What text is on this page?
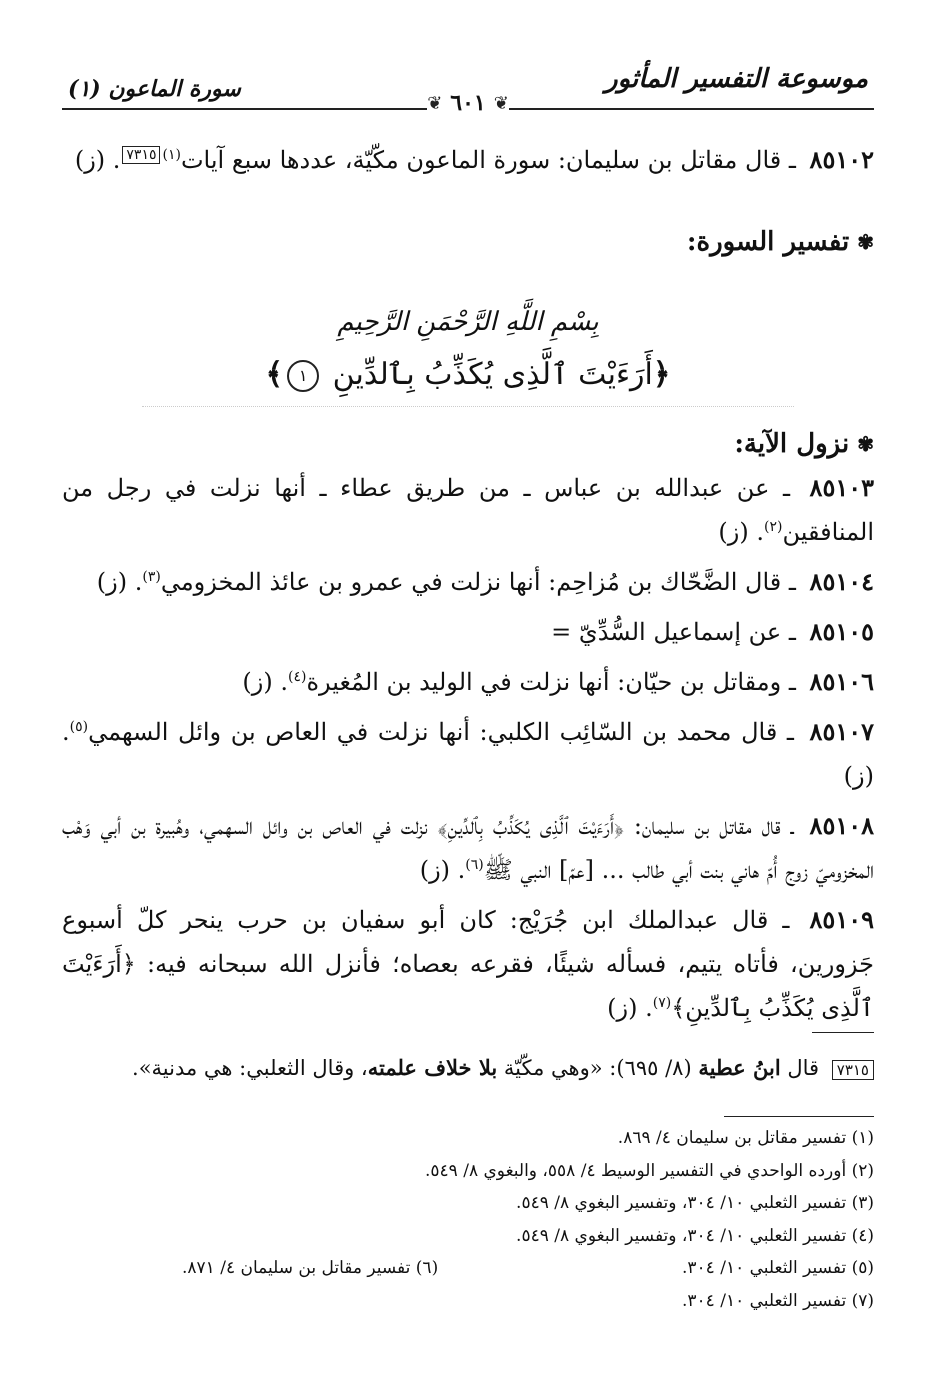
موسوعة التفسير المأثور
سورة الماعون (١)
❦
٦٠١
❦

٨٥١٠٢ ـ قال مقاتل بن سليمان: سورة الماعون مكّيّة، عددها سبع آيات$^{(١)}$٧٣١٥. (ز)

✾
تفسير السورة:
بِسْمِ اللَّهِ الرَّحْمَنِ الرَّحِيمِ
﴿أَرَءَيْتَ ٱلَّذِى يُكَذِّبُ بِٱلدِّينِ ١﴾
✾
نزول الآية:

٨٥١٠٣ ـ عن عبدالله بن عباس ـ من طريق عطاء ـ أنها نزلت في رجل من المنافقين$^{(٢)}$. (ز)

٨٥١٠٤ ـ قال الضَّحّاك بن مُزاحِم: أنها نزلت في عمرو بن عائذ المخزومي$^{(٣)}$. (ز)

٨٥١٠٥ ـ عن إسماعيل السُّدِّيّ =

٨٥١٠٦ ـ ومقاتل بن حيّان: أنها نزلت في الوليد بن المُغيرة$^{(٤)}$. (ز)

٨٥١٠٧ ـ قال محمد بن السّائِب الكلبي: أنها نزلت في العاص بن وائل السهمي$^{(٥)}$. (ز)

٨٥١٠٨ ـ قال مقاتل بن سليمان: ﴿أَرَءَيْتَ ٱلَّذِى يُكَذِّبُ بِٱلدِّينِ﴾ نزلت في العاص بن وائل السهمي، وهُبيرة بن أبي وَهْب المخزوميّ زوج أُمّ هاني بنت أبي طالب ... [عمّ] النبي ﷺ$^{(٦)}$. (ز)

٨٥١٠٩ ـ قال عبدالملك ابن جُرَيْج: كان أبو سفيان بن حرب ينحر كلّ أسبوع جَزورين، فأتاه يتيم، فسأله شيئًا، فقرعه بعصاه؛ فأنزل الله سبحانه فيه: ﴿أَرَءَيْتَ ٱلَّذِى يُكَذِّبُ بِٱلدِّينِ﴾$^{(٧)}$. (ز)

٧٣١٥ قال ابنُ عطية (٨/ ٦٩٥): «وهي مكّيّة بلا خلاف علمته، وقال الثعلبي: هي مدنية».
(١) تفسير مقاتل بن سليمان ٤/ ٨٦٩.
(٢) أورده الواحدي في التفسير الوسيط ٤/ ٥٥٨، والبغوي ٨/ ٥٤٩.
(٣) تفسير الثعلبي ١٠/ ٣٠٤، وتفسير البغوي ٨/ ٥٤٩.
(٤) تفسير الثعلبي ١٠/ ٣٠٤، وتفسير البغوي ٨/ ٥٤٩.
(٥) تفسير الثعلبي ١٠/ ٣٠٤.
(٦) تفسير مقاتل بن سليمان ٤/ ٨٧١.
(٧) تفسير الثعلبي ١٠/ ٣٠٤.
